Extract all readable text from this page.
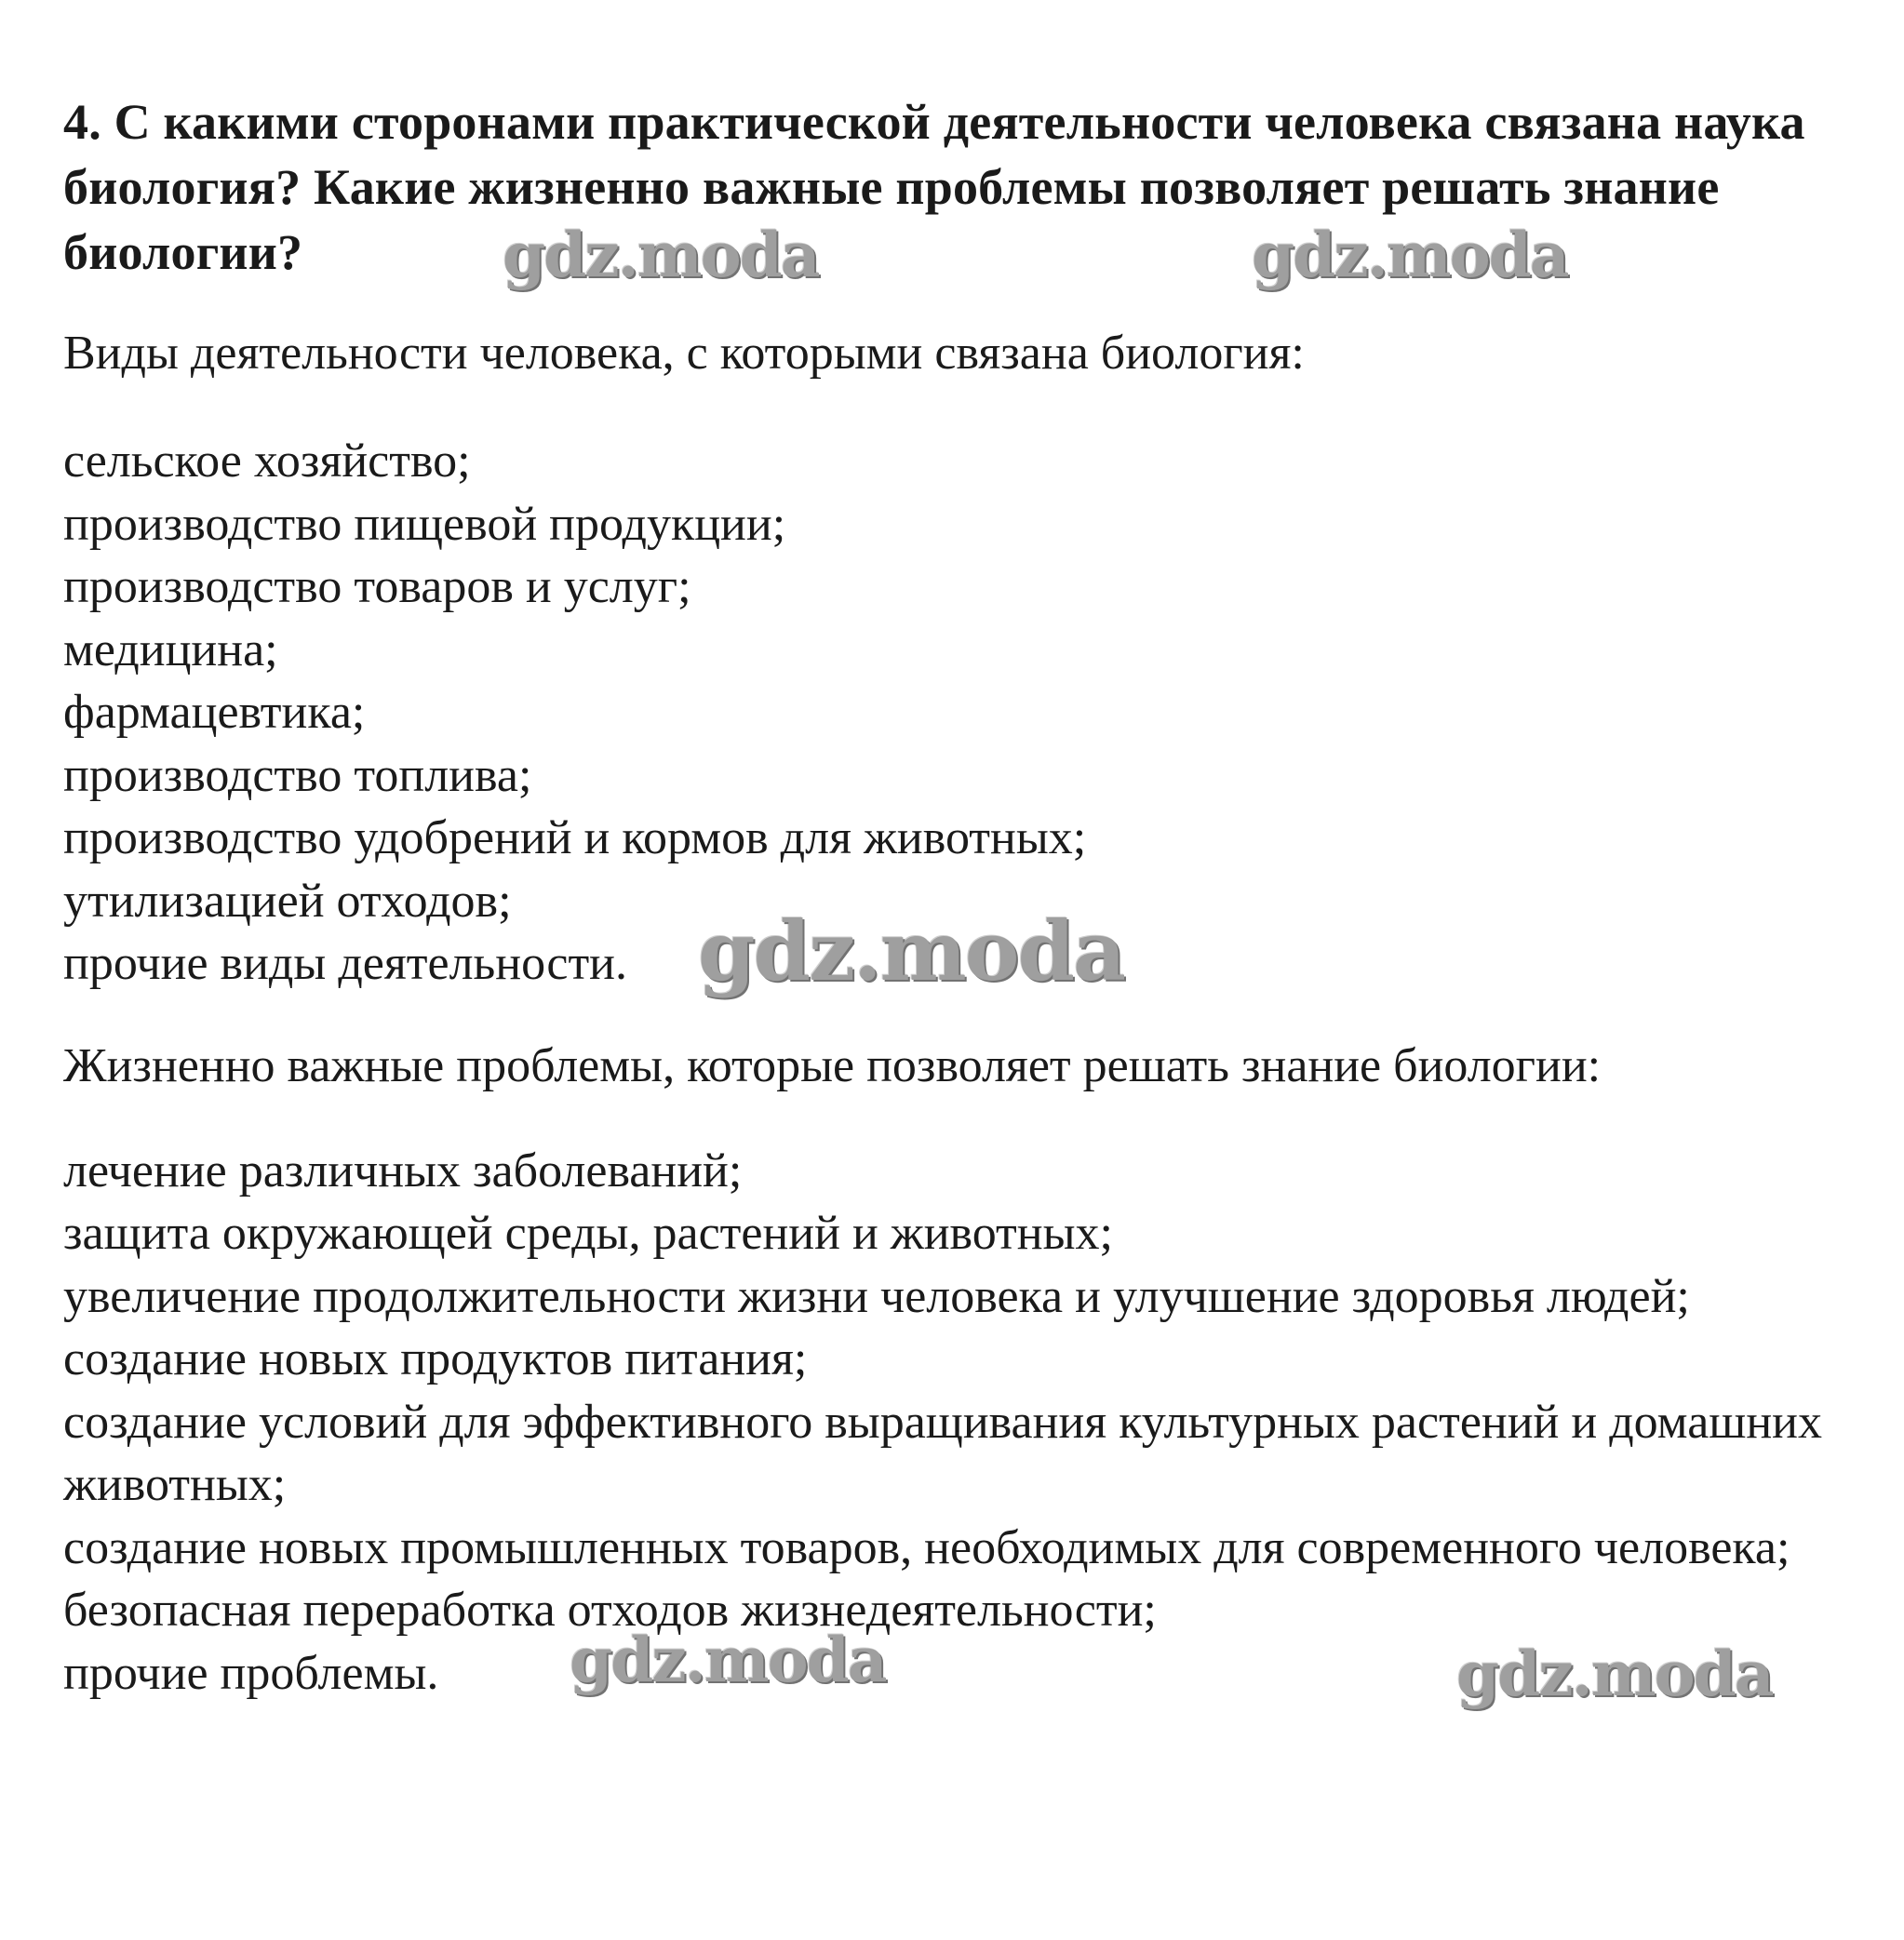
4. С какими сторонами практической деятельности человека связана наука биология? Какие жизненно важные проблемы позволяет решать знание биологии?

Виды деятельности человека, с которыми связана биология:

сельское хозяйство;
производство пищевой продукции;
производство товаров и услуг;
медицина;
фармацевтика;
производство топлива;
производство удобрений и кормов для животных;
утилизацией отходов;
прочие виды деятельности.

Жизненно важные проблемы, которые позволяет решать знание биологии:

лечение различных заболеваний;
защита окружающей среды, растений и животных;
увеличение продолжительности жизни человека и улучшение здоровья людей;
создание новых продуктов питания;
создание условий для эффективного выращивания культурных растений и домашних животных;
создание новых промышленных товаров, необходимых для современного человека;
безопасная переработка отходов жизнедеятельности;
прочие проблемы.
gdz.moda	gdz.moda
gdz.moda
gdz.moda	gdz.moda
